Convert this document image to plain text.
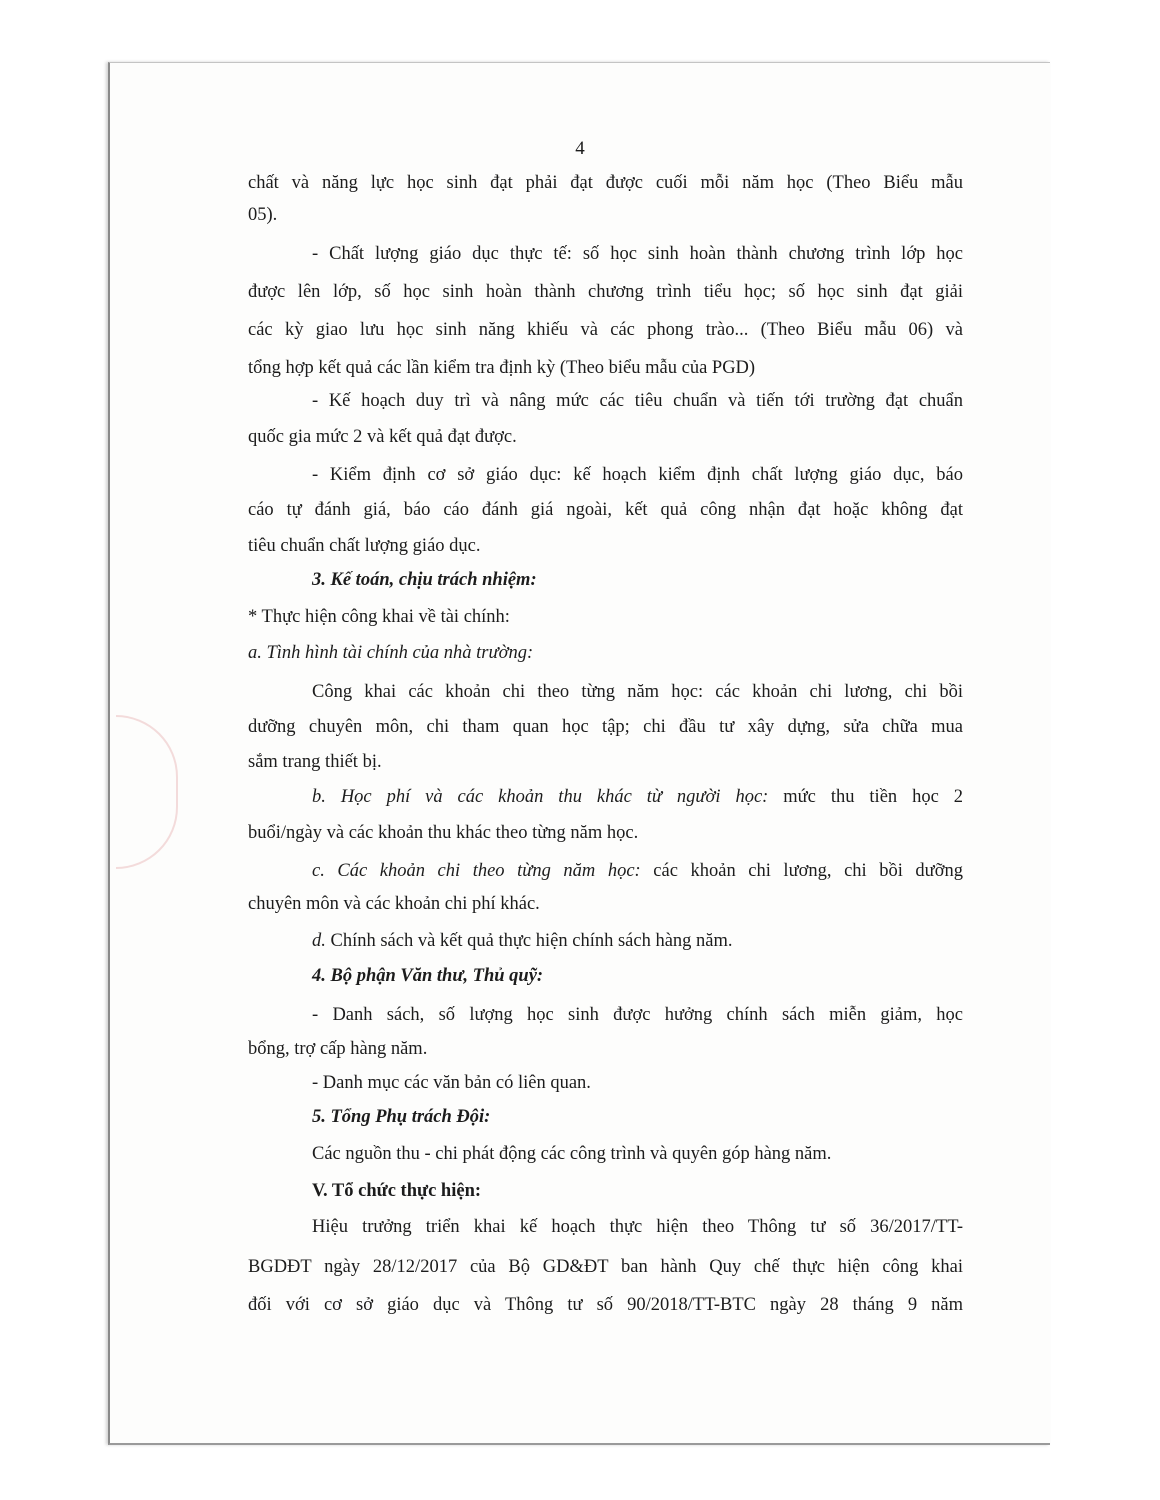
4
chất và năng lực học sinh đạt phải đạt được cuối mỗi năm học (Theo Biểu mẫu
05).
- Chất lượng giáo dục thực tế: số học sinh hoàn thành chương trình lớp học
được lên lớp, số học sinh hoàn thành chương trình tiểu học; số học sinh đạt giải
các kỳ giao lưu học sinh năng khiếu và các phong trào... (Theo Biểu mẫu 06) và
tổng hợp kết quả các lần kiểm tra định kỳ (Theo biểu mẫu của PGD)
- Kế hoạch duy trì và nâng mức các tiêu chuẩn và tiến tới trường đạt chuẩn
quốc gia mức 2 và kết quả đạt được.
- Kiểm định cơ sở giáo dục: kế hoạch kiểm định chất lượng giáo dục, báo
cáo tự đánh giá, báo cáo đánh giá ngoài, kết quả công nhận đạt hoặc không đạt
tiêu chuẩn chất lượng giáo dục.
3. Kế toán, chịu trách nhiệm:
* Thực hiện công khai về tài chính:
a. Tình hình tài chính của nhà trường:
Công khai các khoản chi theo từng năm học: các khoản chi lương, chi bồi
dưỡng chuyên môn, chi tham quan học tập; chi đầu tư xây dựng, sửa chữa mua
sắm trang thiết bị.
b. Học phí và các khoản thu khác từ người học: mức thu tiền học 2
buổi/ngày và các khoản thu khác theo từng năm học.
c. Các khoản chi theo từng năm học: các khoản chi lương, chi bồi dưỡng
chuyên môn và các khoản chi phí khác.
d. Chính sách và kết quả thực hiện chính sách hàng năm.
4. Bộ phận Văn thư, Thủ quỹ:
- Danh sách, số lượng học sinh được hưởng chính sách miễn giảm, học
bổng, trợ cấp hàng năm.
- Danh mục các văn bản có liên quan.
5. Tổng Phụ trách Đội:
Các nguồn thu - chi phát động các công trình và quyên góp hàng năm.
V. Tổ chức thực hiện:
Hiệu trưởng triển khai kế hoạch thực hiện theo Thông tư số 36/2017/TT-
BGDĐT ngày 28/12/2017 của Bộ GD&ĐT ban hành Quy chế thực hiện công khai
đối với cơ sở giáo dục và Thông tư số 90/2018/TT-BTC ngày 28 tháng 9 năm
